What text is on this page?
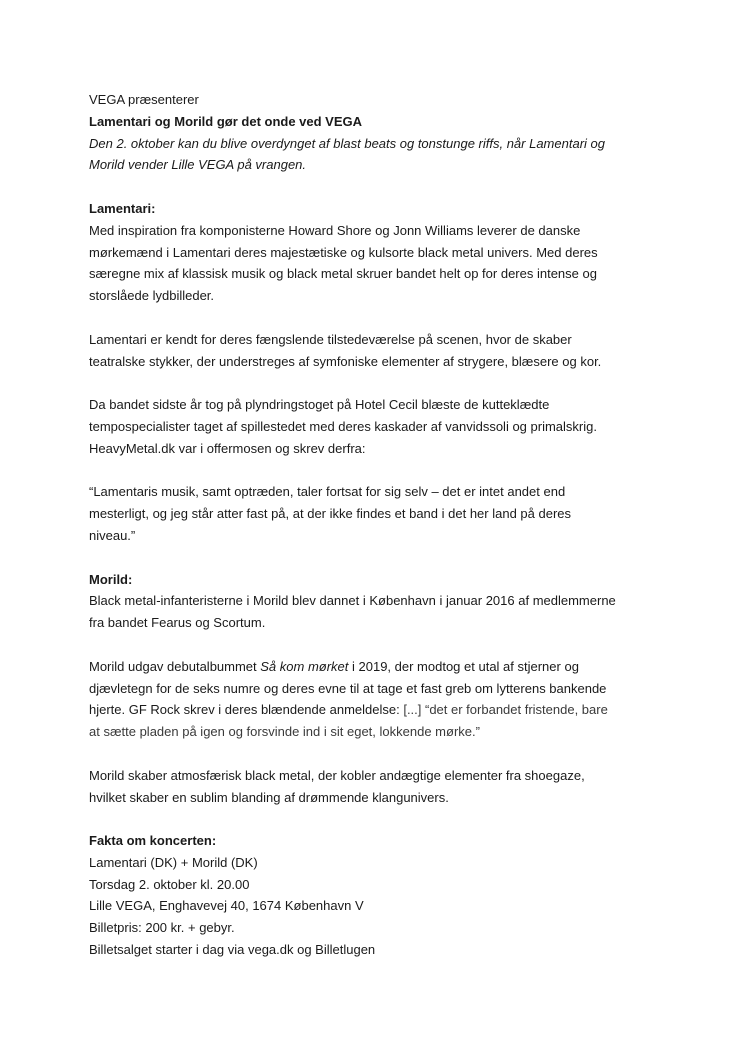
VEGA præsenterer
Lamentari og Morild gør det onde ved VEGA
Den 2. oktober kan du blive overdynget af blast beats og tonstunge riffs, når Lamentari og
Morild vender Lille VEGA på vrangen.
Lamentari:
Med inspiration fra komponisterne Howard Shore og Jonn Williams leverer de danske
mørkemænd i Lamentari deres majestætiske og kulsorte black metal univers. Med deres
særegne mix af klassisk musik og black metal skruer bandet helt op for deres intense og
storslåede lydbilleder.
Lamentari er kendt for deres fængslende tilstedeværelse på scenen, hvor de skaber
teatralske stykker, der understreges af symfoniske elementer af strygere, blæsere og kor.
Da bandet sidste år tog på plyndringstoget på Hotel Cecil blæste de kutteklædte
tempospecialister taget af spillestedet med deres kaskader af vanvidssoli og primalskrig.
HeavyMetal.dk var i offermosen og skrev derfra:
“Lamentaris musik, samt optræden, taler fortsat for sig selv – det er intet andet end
mesterligt, og jeg står atter fast på, at der ikke findes et band i det her land på deres
niveau.”
Morild:
Black metal-infanteristerne i Morild blev dannet i København i januar 2016 af medlemmerne
fra bandet Fearus og Scortum.
Morild udgav debutalbummet Så kom mørket i 2019, der modtog et utal af stjerner og
djævletegn for de seks numre og deres evne til at tage et fast greb om lytterens bankende
hjerte. GF Rock skrev i deres blændende anmeldelse: [...] “det er forbandet fristende, bare
at sætte pladen på igen og forsvinde ind i sit eget, lokkende mørke.”
Morild skaber atmosfærisk black metal, der kobler andægtige elementer fra shoegaze,
hvilket skaber en sublim blanding af drømmende klangunivers.
Fakta om koncerten:
Lamentari (DK) + Morild (DK)
Torsdag 2. oktober kl. 20.00
Lille VEGA, Enghavevej 40, 1674 København V
Billetpris: 200 kr. + gebyr.
Billetsalget starter i dag via vega.dk og Billetlugen
